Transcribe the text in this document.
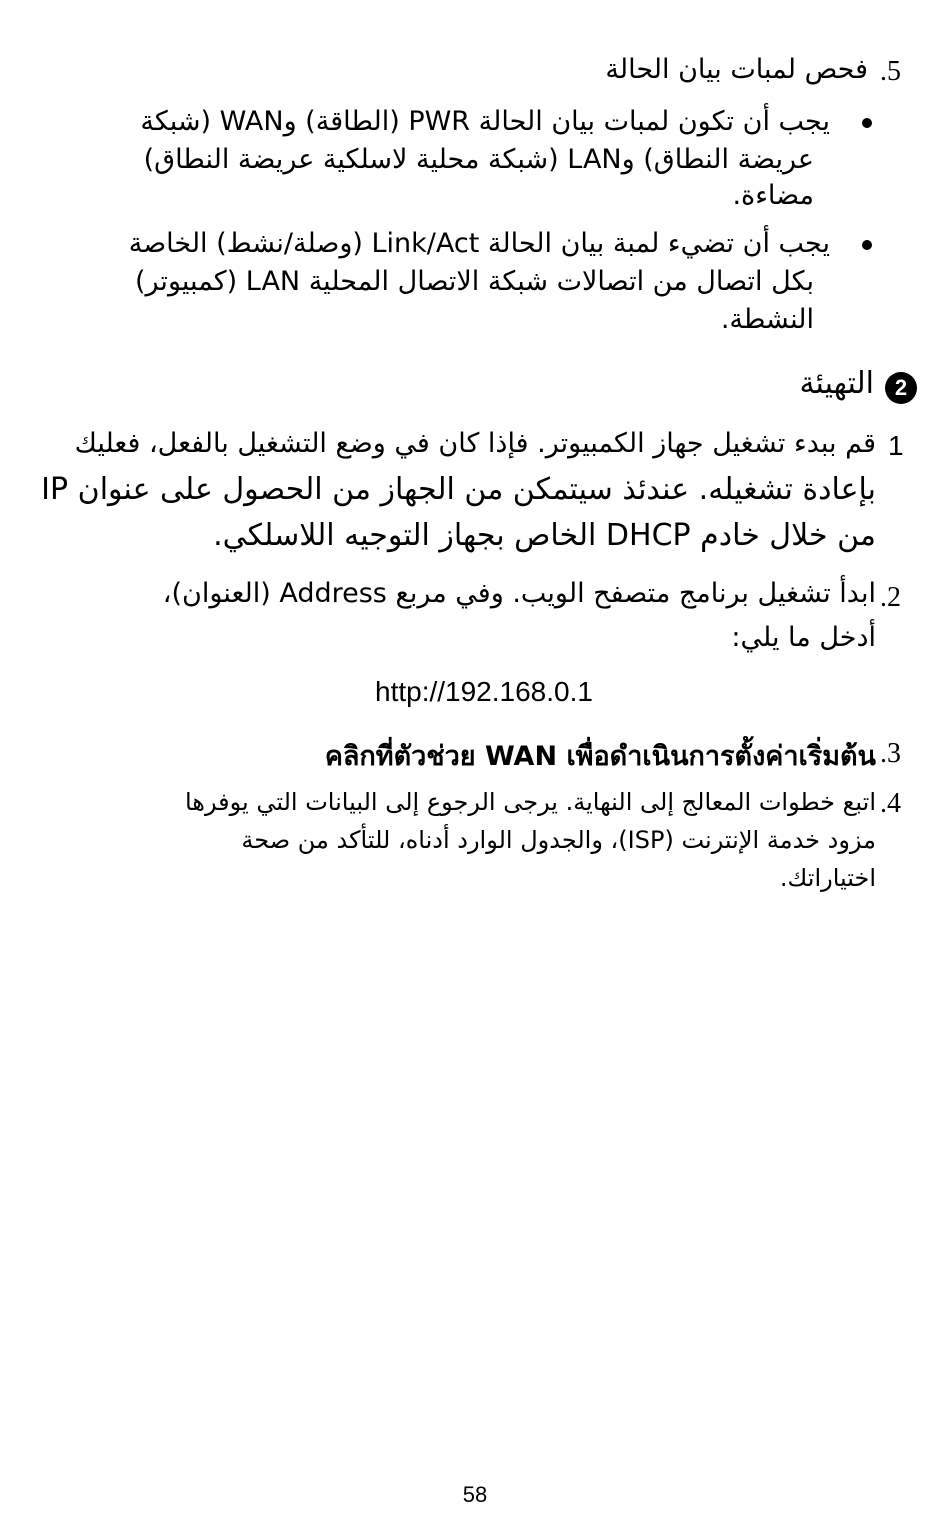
.5
فحص لمبات بيان الحالة
يجب أن تكون لمبات بيان الحالة PWR (الطاقة) وWAN (شبكة
عريضة النطاق) وLAN (شبكة محلية لاسلكية عريضة النطاق)
مضاءة.
يجب أن تضيء لمبة بيان الحالة Link/Act (وصلة/نشط) الخاصة
بكل اتصال من اتصالات شبكة الاتصال المحلية LAN (كمبيوتر)
النشطة.
2
التهيئة
1
قم ببدء تشغيل جهاز الكمبيوتر. فإذا كان في وضع التشغيل بالفعل، فعليك
بإعادة تشغيله. عندئذ سيتمكن من الجهاز من الحصول على عنوان IP
من خلال خادم DHCP الخاص بجهاز التوجيه اللاسلكي.
.2
ابدأ تشغيل برنامج متصفح الويب. وفي مربع Address (العنوان)،
أدخل ما يلي:
http://192.168.0.1
.3
คลิกที่ตัวช่วย WAN เพื่อดำเนินการตั้งค่าเริ่มต้น
.4
اتبع خطوات المعالج إلى النهاية. يرجى الرجوع إلى البيانات التي يوفرها
مزود خدمة الإنترنت (ISP)، والجدول الوارد أدناه، للتأكد من صحة
اختياراتك.
58
